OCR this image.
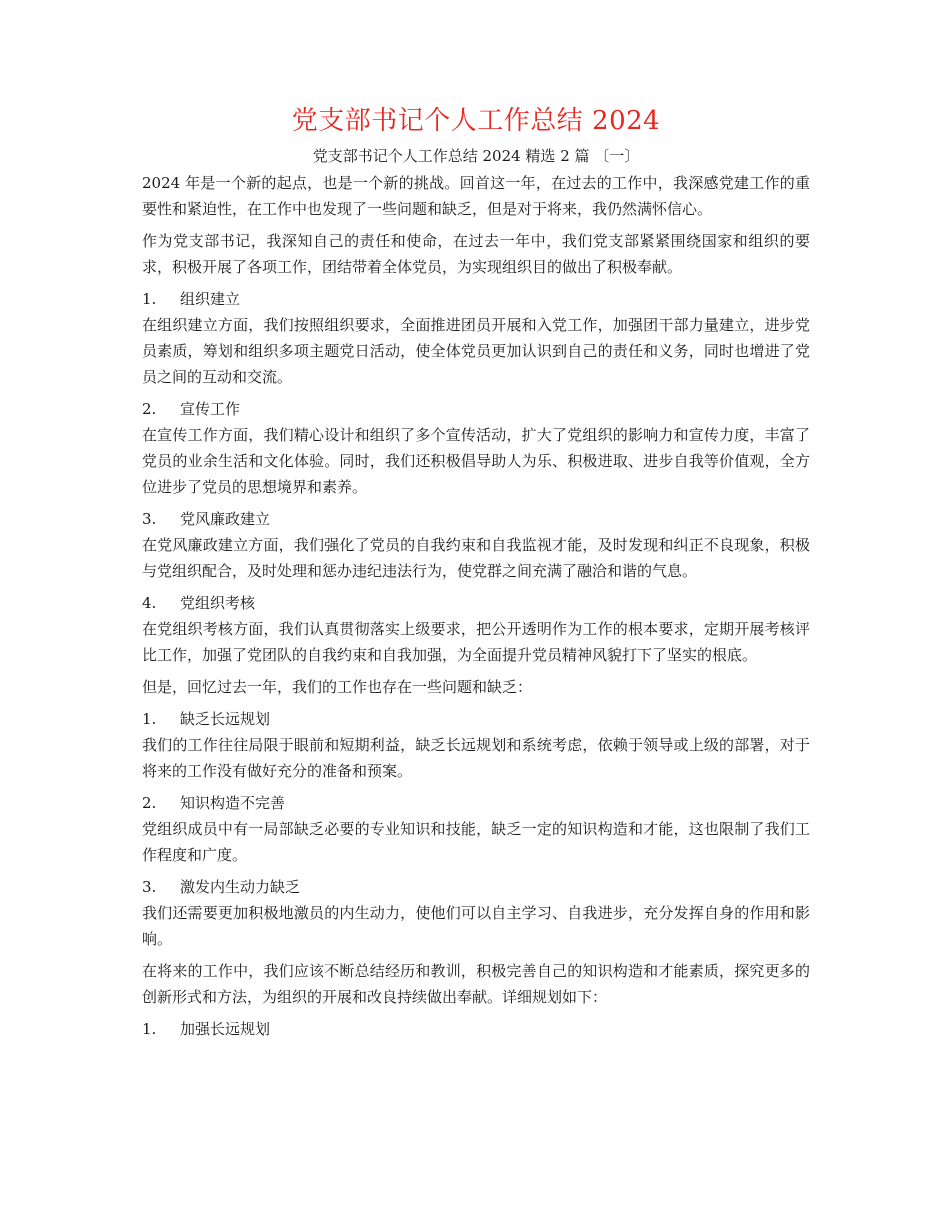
党支部书记个人工作总结 2024
党支部书记个人工作总结 2024 精选 2 篇 〔一〕

2024 年是一个新的起点，也是一个新的挑战。回首这一年，在过去的工作中，我深感党建工作的重要性和紧迫性，在工作中也发现了一些问题和缺乏，但是对于将来，我仍然满怀信心。

作为党支部书记，我深知自己的责任和使命，在过去一年中，我们党支部紧紧围绕国家和组织的要求，积极开展了各项工作，团结带着全体党员，为实现组织目的做出了积极奉献。

1.	组织建立

在组织建立方面，我们按照组织要求，全面推进团员开展和入党工作，加强团干部力量建立，进步党员素质，筹划和组织多项主题党日活动，使全体党员更加认识到自己的责任和义务，同时也增进了党员之间的互动和交流。

2.	宣传工作

在宣传工作方面，我们精心设计和组织了多个宣传活动，扩大了党组织的影响力和宣传力度，丰富了党员的业余生活和文化体验。同时，我们还积极倡导助人为乐、积极进取、进步自我等价值观，全方位进步了党员的思想境界和素养。

3.	党风廉政建立

在党风廉政建立方面，我们强化了党员的自我约束和自我监视才能，及时发现和纠正不良现象，积极与党组织配合，及时处理和惩办违纪违法行为，使党群之间充满了融洽和谐的气息。

4.	党组织考核

在党组织考核方面，我们认真贯彻落实上级要求，把公开透明作为工作的根本要求，定期开展考核评比工作，加强了党团队的自我约束和自我加强，为全面提升党员精神风貌打下了坚实的根底。

但是，回忆过去一年，我们的工作也存在一些问题和缺乏：

1.	缺乏长远规划

我们的工作往往局限于眼前和短期利益，缺乏长远规划和系统考虑，依赖于领导或上级的部署，对于将来的工作没有做好充分的准备和预案。

2.	知识构造不完善

党组织成员中有一局部缺乏必要的专业知识和技能，缺乏一定的知识构造和才能，这也限制了我们工作程度和广度。

3.	激发内生动力缺乏

我们还需要更加积极地激员的内生动力，使他们可以自主学习、自我进步，充分发挥自身的作用和影响。

在将来的工作中，我们应该不断总结经历和教训，积极完善自己的知识构造和才能素质，探究更多的创新形式和方法，为组织的开展和改良持续做出奉献。详细规划如下：

1.	加强长远规划
